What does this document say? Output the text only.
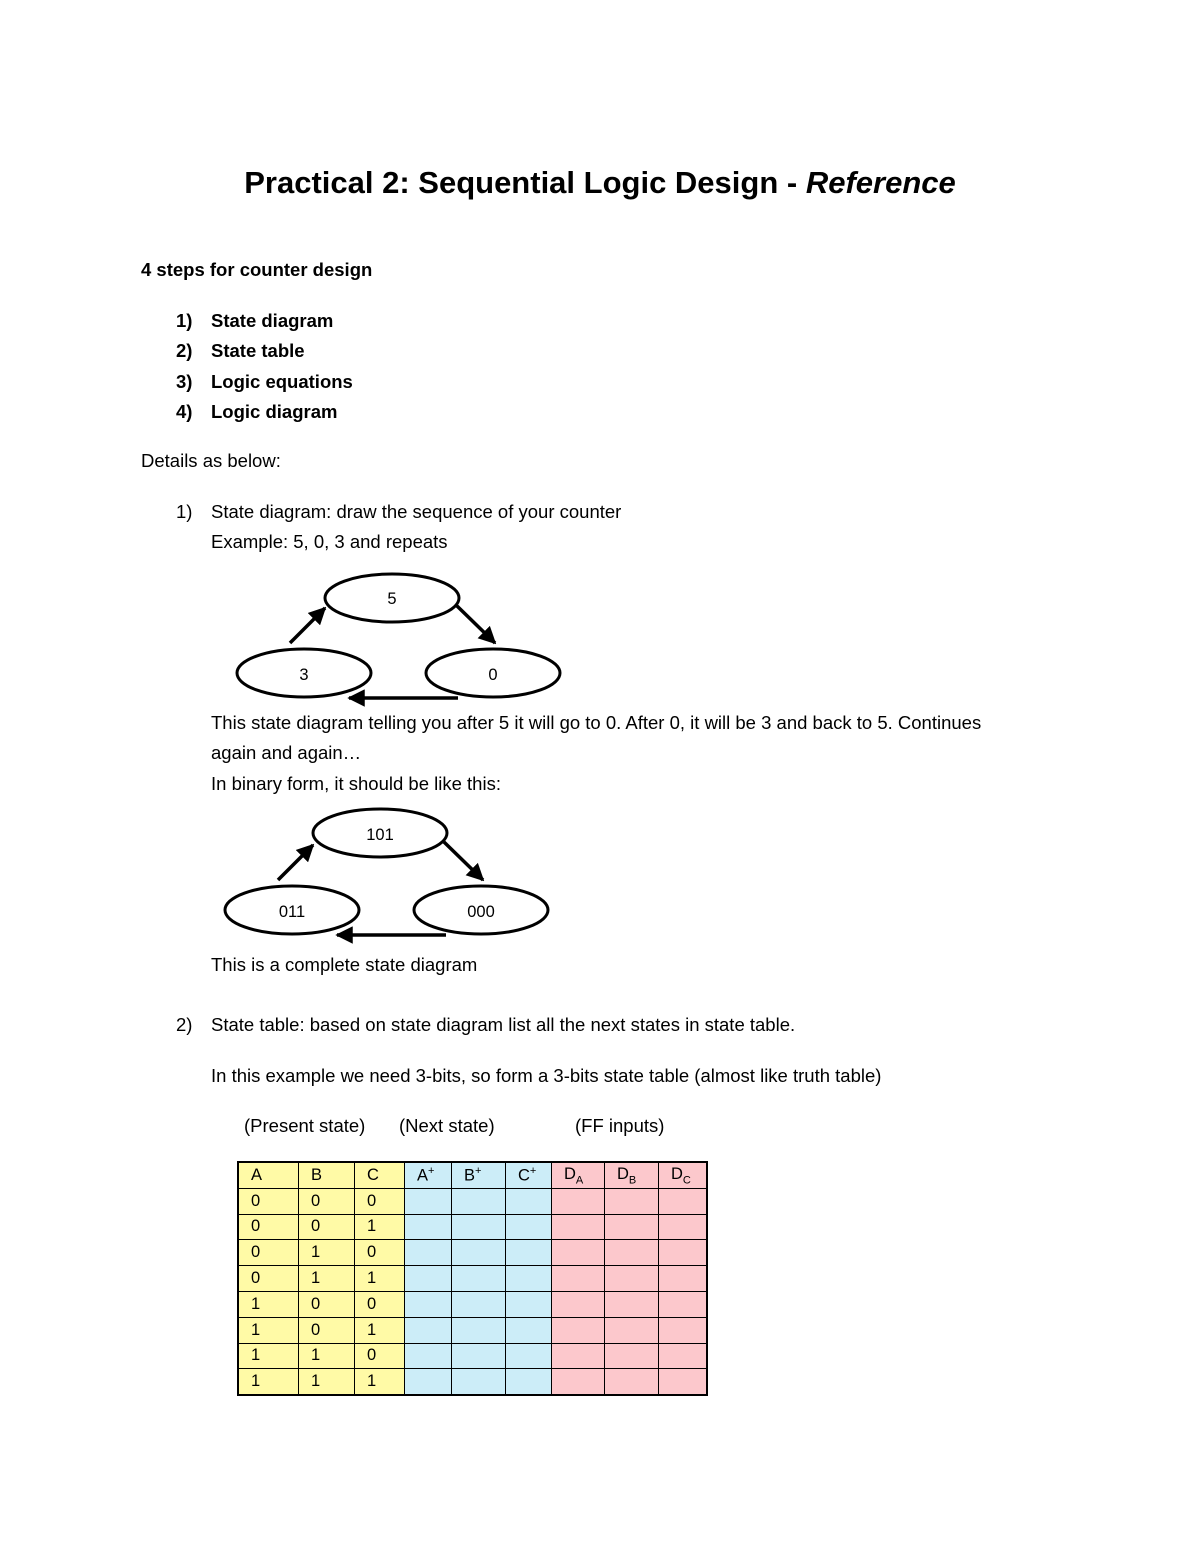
Practical 2: Sequential Logic Design - Reference
4 steps for counter design
1) State diagram
2) State table
3) Logic equations
4) Logic diagram
Details as below:
1) State diagram: draw the sequence of your counter
Example: 5, 0, 3 and repeats
5
0
3
This state diagram telling you after 5 it will go to 0. After 0, it will be 3 and back to 5. Continues
again and again…
In binary form, it should be like this:
101
000
011
This is a complete state diagram
2) State table: based on state diagram list all the next states in state table.
In this example we need 3-bits, so form a 3-bits state table (almost like truth table)
(Present state) (Next state)	(FF inputs)
A	B	C	A+	B+	C+	$D_A$	$D_B$	$D_C$
0	0	0						
0	0	1						
0	1	0						
0	1	1						
1	0	0						
1	0	1						
1	1	0						
1	1	1						
